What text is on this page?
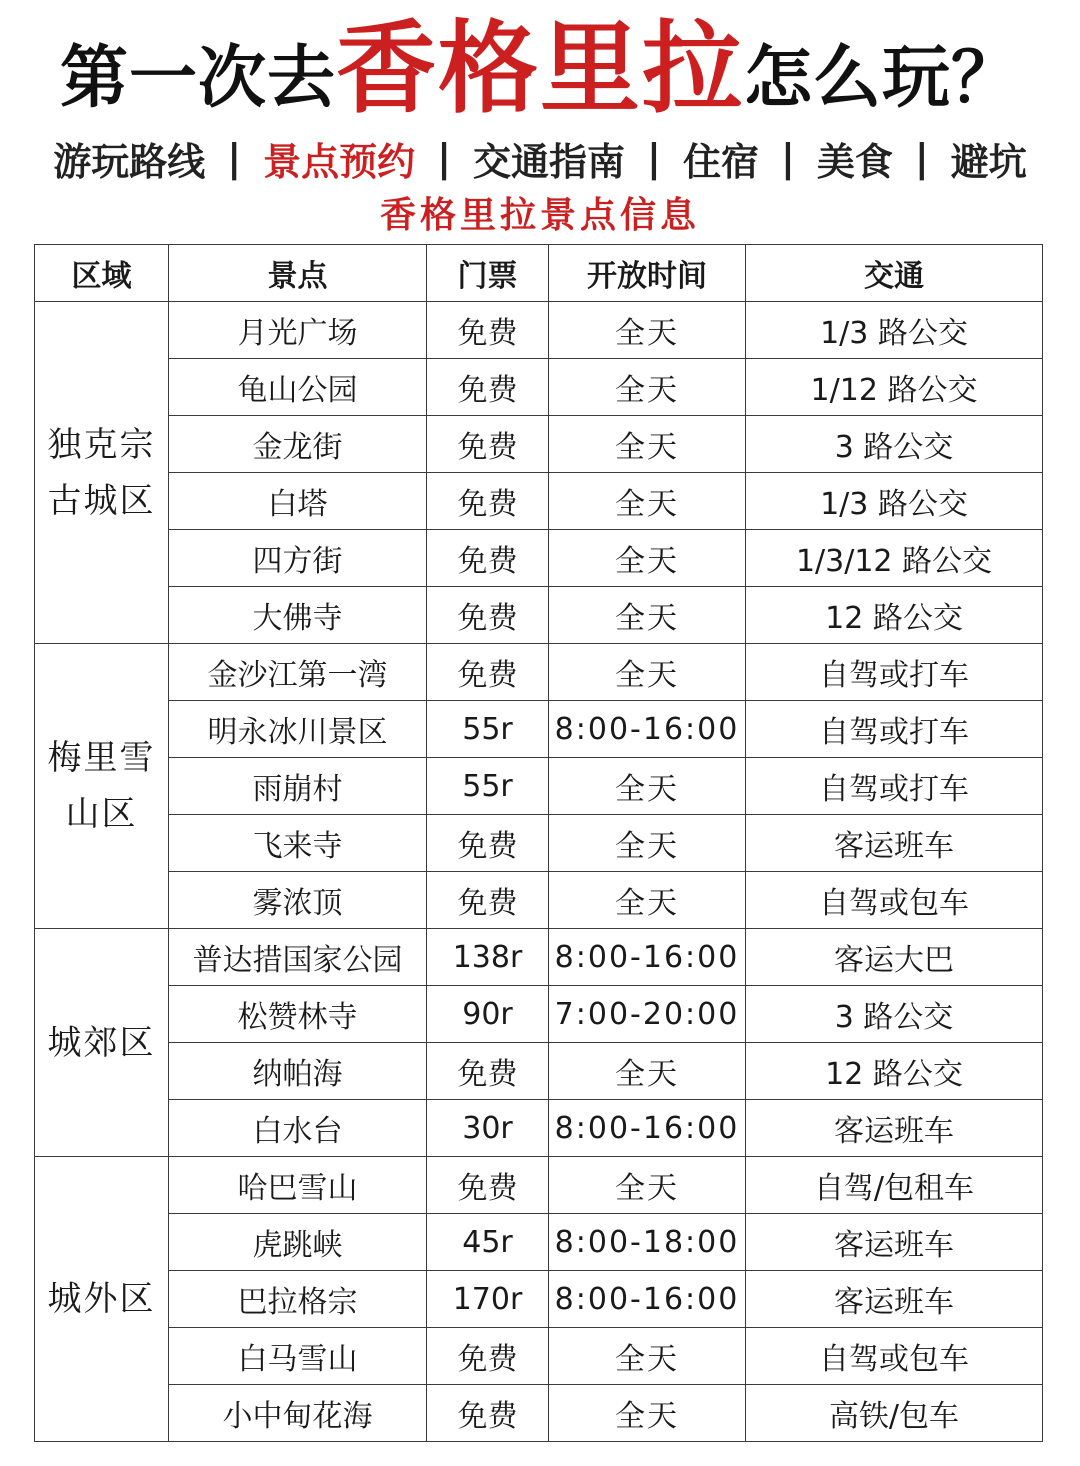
第一次去 香格里拉 怎么玩？
游玩路线 | 景点预约 | 交通指南 | 住宿 | 美食 | 避坑
香格里拉景点信息
区域	景点	门票	开放时间	交通
独克宗古城区	月光广场	免费	全天	1/3 路公交
	龟山公园	免费	全天	1/12 路公交
	金龙街	免费	全天	3 路公交
	白塔	免费	全天	1/3 路公交
	四方街	免费	全天	1/3/12 路公交
	大佛寺	免费	全天	12 路公交
梅里雪山区	金沙江第一湾	免费	全天	自驾或打车
	明永冰川景区	55r	8:00-16:00	自驾或打车
	雨崩村	55r	全天	自驾或打车
	飞来寺	免费	全天	客运班车
	雾浓顶	免费	全天	自驾或包车
城郊区	普达措国家公园	138r	8:00-16:00	客运大巴
	松赞林寺	90r	7:00-20:00	3 路公交
	纳帕海	免费	全天	12 路公交
	白水台	30r	8:00-16:00	客运班车
城外区	哈巴雪山	免费	全天	自驾/包租车
	虎跳峡	45r	8:00-18:00	客运班车
	巴拉格宗	170r	8:00-16:00	客运班车
	白马雪山	免费	全天	自驾或包车
	小中甸花海	免费	全天	高铁/包车
